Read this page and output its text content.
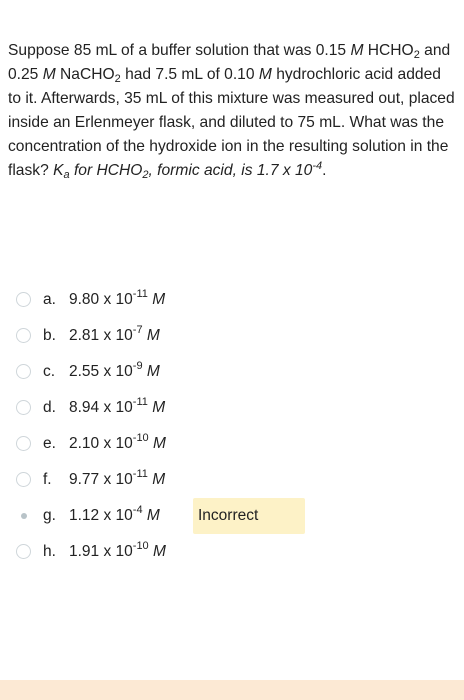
Suppose 85 mL of a buffer solution that was 0.15 M $HCHO_2$ and 0.25 M NaCHO$_2$ had 7.5 mL of 0.10 M hydrochloric acid added to it. Afterwards, 35 mL of this mixture was measured out, placed inside an Erlenmeyer flask, and diluted to 75 mL. What was the concentration of the hydroxide ion in the resulting solution in the flask? $K_a$ for $HCHO_2$, formic acid, is 1.7 x $10^{-4}$.
a. 9.80 x $10^{-11}$ M
b. 2.81 x $10^{-7}$ M
c. 2.55 x $10^{-9}$ M
d. 8.94 x $10^{-11}$ M
e. 2.10 x $10^{-10}$ M
f. 9.77 x $10^{-11}$ M
g. 1.12 x $10^{-4}$ M Incorrect
h. 1.91 x $10^{-10}$ M
